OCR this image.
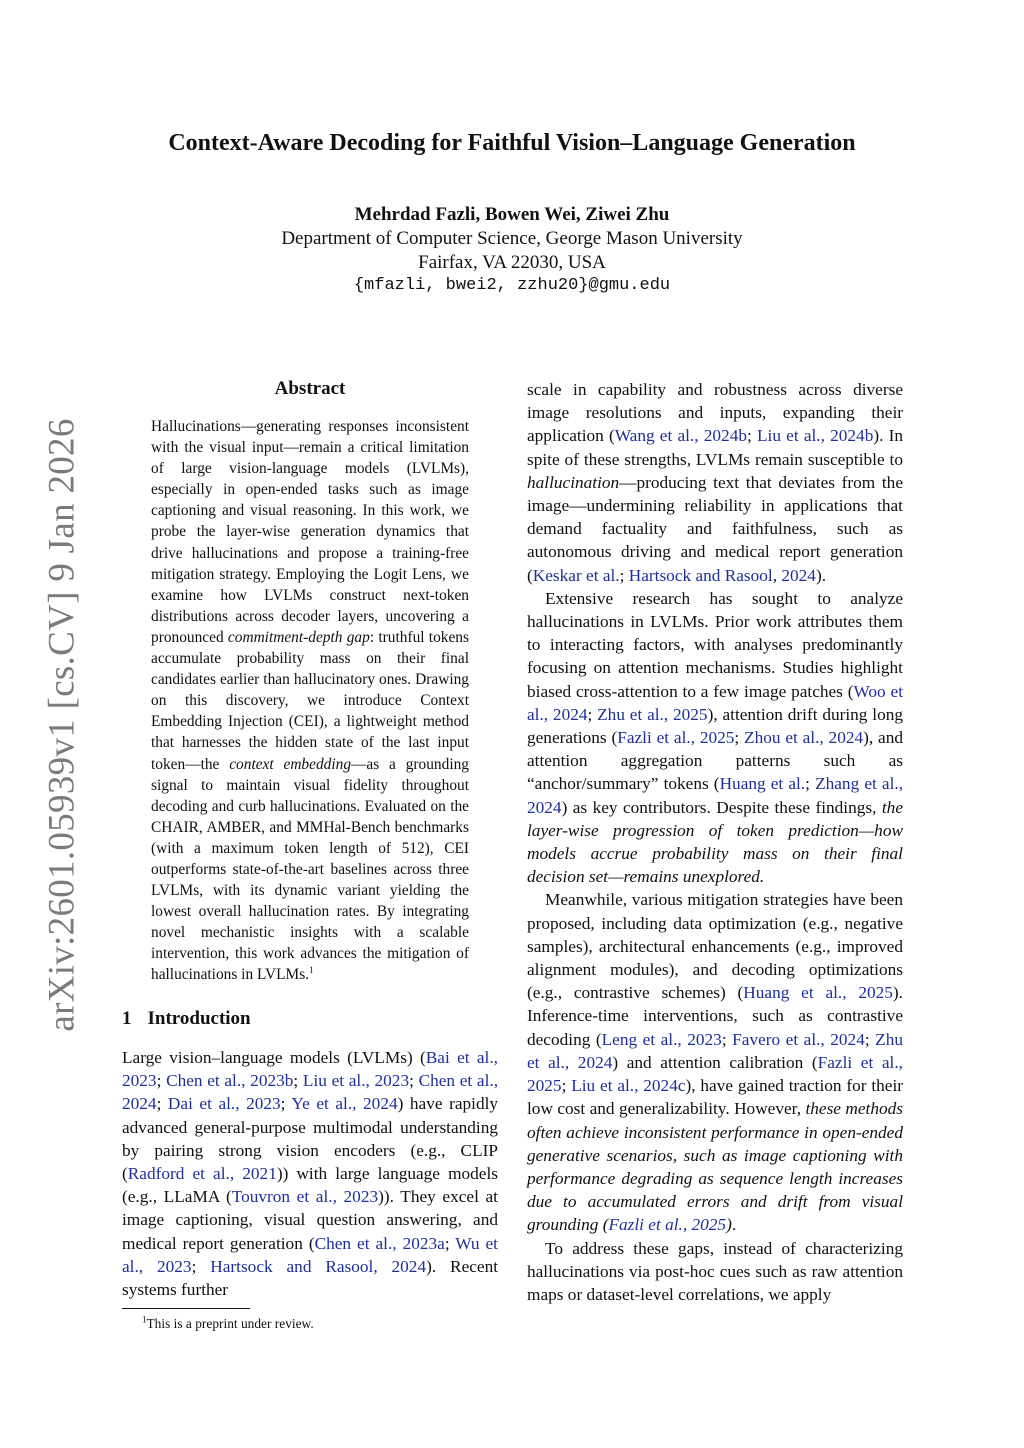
arXiv:2601.05939v1 [cs.CV] 9 Jan 2026
Context-Aware Decoding for Faithful Vision–Language Generation
Mehrdad Fazli, Bowen Wei, Ziwei Zhu
Department of Computer Science, George Mason University
Fairfax, VA 22030, USA
{mfazli, bwei2, zzhu20}@gmu.edu
Abstract

Hallucinations—generating responses inconsistent with the visual input—remain a critical limitation of large vision-language models (LVLMs), especially in open-ended tasks such as image captioning and visual reasoning. In this work, we probe the layer-wise generation dynamics that drive hallucinations and propose a training-free mitigation strategy. Employing the Logit Lens, we examine how LVLMs construct next-token distributions across decoder layers, uncovering a pronounced commitment-depth gap: truthful tokens accumulate probability mass on their final candidates earlier than hallucinatory ones. Drawing on this discovery, we introduce Context Embedding Injection (CEI), a lightweight method that harnesses the hidden state of the last input token—the context embedding—as a grounding signal to maintain visual fidelity throughout decoding and curb hallucinations. Evaluated on the CHAIR, AMBER, and MMHal-Bench benchmarks (with a maximum token length of 512), CEI outperforms state-of-the-art baselines across three LVLMs, with its dynamic variant yielding the lowest overall hallucination rates. By integrating novel mechanistic insights with a scalable intervention, this work advances the mitigation of hallucinations in LVLMs.$^1$

1 Introduction

Large vision–language models (LVLMs) (Bai et al., 2023; Chen et al., 2023b; Liu et al., 2023; Chen et al., 2024; Dai et al., 2023; Ye et al., 2024) have rapidly advanced general-purpose multimodal understanding by pairing strong vision encoders (e.g., CLIP (Radford et al., 2021)) with large language models (e.g., LLaMA (Touvron et al., 2023)). They excel at image captioning, visual question answering, and medical report generation (Chen et al., 2023a; Wu et al., 2023; Hartsock and Rasool, 2024). Recent systems further

$^1$This is a preprint under review.

scale in capability and robustness across diverse image resolutions and inputs, expanding their application (Wang et al., 2024b; Liu et al., 2024b). In spite of these strengths, LVLMs remain susceptible to hallucination—producing text that deviates from the image—undermining reliability in applications that demand factuality and faithfulness, such as autonomous driving and medical report generation (Keskar et al.; Hartsock and Rasool, 2024).

Extensive research has sought to analyze hallucinations in LVLMs. Prior work attributes them to interacting factors, with analyses predominantly focusing on attention mechanisms. Studies highlight biased cross-attention to a few image patches (Woo et al., 2024; Zhu et al., 2025), attention drift during long generations (Fazli et al., 2025; Zhou et al., 2024), and attention aggregation patterns such as “anchor/summary” tokens (Huang et al.; Zhang et al., 2024) as key contributors. Despite these findings, the layer-wise progression of token prediction—how models accrue probability mass on their final decision set—remains unexplored.

Meanwhile, various mitigation strategies have been proposed, including data optimization (e.g., negative samples), architectural enhancements (e.g., improved alignment modules), and decoding optimizations (e.g., contrastive schemes) (Huang et al., 2025). Inference-time interventions, such as contrastive decoding (Leng et al., 2023; Favero et al., 2024; Zhu et al., 2024) and attention calibration (Fazli et al., 2025; Liu et al., 2024c), have gained traction for their low cost and generalizability. However, these methods often achieve inconsistent performance in open-ended generative scenarios, such as image captioning with performance degrading as sequence length increases due to accumulated errors and drift from visual grounding (Fazli et al., 2025).

To address these gaps, instead of characterizing hallucinations via post-hoc cues such as raw attention maps or dataset-level correlations, we apply
